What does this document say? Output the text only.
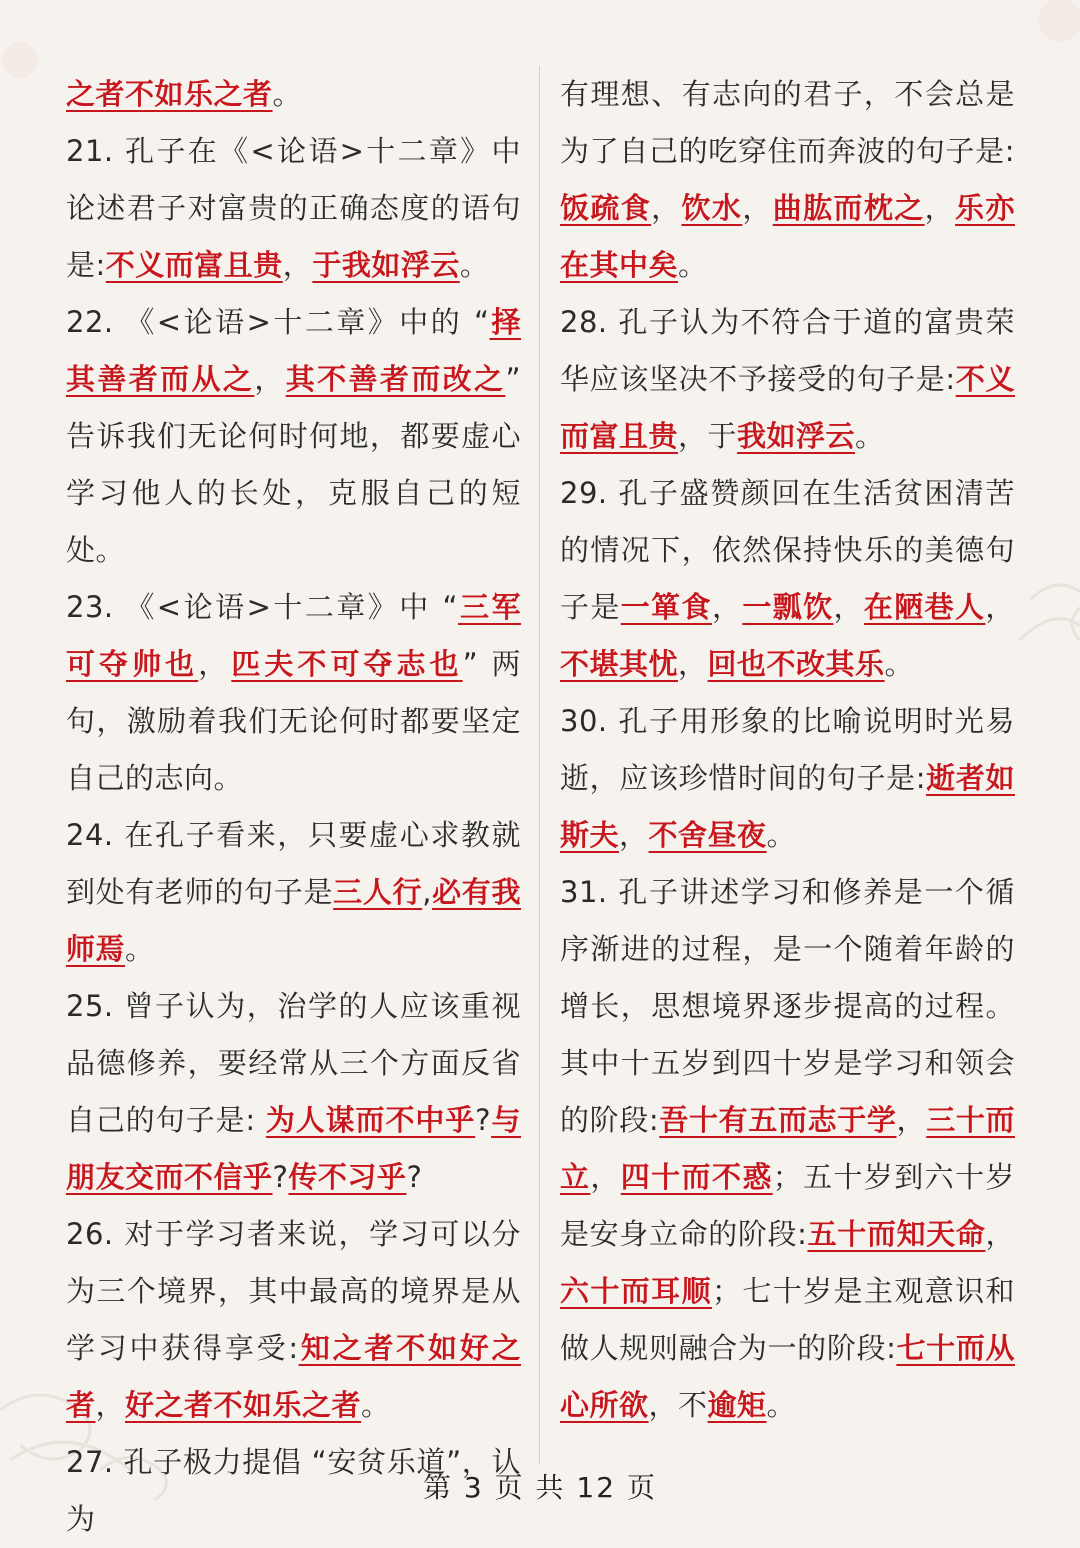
之者不如乐之者。

21. 孔子在《<论语>十二章》中论述君子对富贵的正确态度的语句是:不义而富且贵，于我如浮云。

22. 《<论语>十二章》中的 “择其善者而从之，其不善者而改之” 告诉我们无论何时何地，都要虚心学习他人的长处，克服自己的短处。

23. 《<论语>十二章》中 “三军可夺帅也，匹夫不可夺志也” 两句，激励着我们无论何时都要坚定自己的志向。

24. 在孔子看来，只要虚心求教就到处有老师的句子是三人行,必有我师焉。

25. 曾子认为，治学的人应该重视品德修养，要经常从三个方面反省自己的句子是: 为人谋而不中乎?与朋友交而不信乎?传不习乎?

26. 对于学习者来说，学习可以分为三个境界，其中最高的境界是从学习中获得享受:知之者不如好之者，好之者不如乐之者。

27. 孔子极力提倡 “安贫乐道”，认为

有理想、有志向的君子，不会总是为了自己的吃穿住而奔波的句子是:饭疏食，饮水，曲肱而枕之，乐亦在其中矣。

28. 孔子认为不符合于道的富贵荣华应该坚决不予接受的句子是:不义而富且贵，于我如浮云。

29. 孔子盛赞颜回在生活贫困清苦的情况下，依然保持快乐的美德句子是一箪食，一瓢饮，在陋巷人，不堪其忧，回也不改其乐。

30. 孔子用形象的比喻说明时光易逝，应该珍惜时间的句子是:逝者如斯夫，不舍昼夜。

31. 孔子讲述学习和修养是一个循序渐进的过程，是一个随着年龄的增长，思想境界逐步提高的过程。其中十五岁到四十岁是学习和领会的阶段:吾十有五而志于学，三十而立，四十而不惑；五十岁到六十岁是安身立命的阶段:五十而知天命，六十而耳顺；七十岁是主观意识和做人规则融合为一的阶段:七十而从心所欲，不逾矩。

第 3 页 共 12 页
